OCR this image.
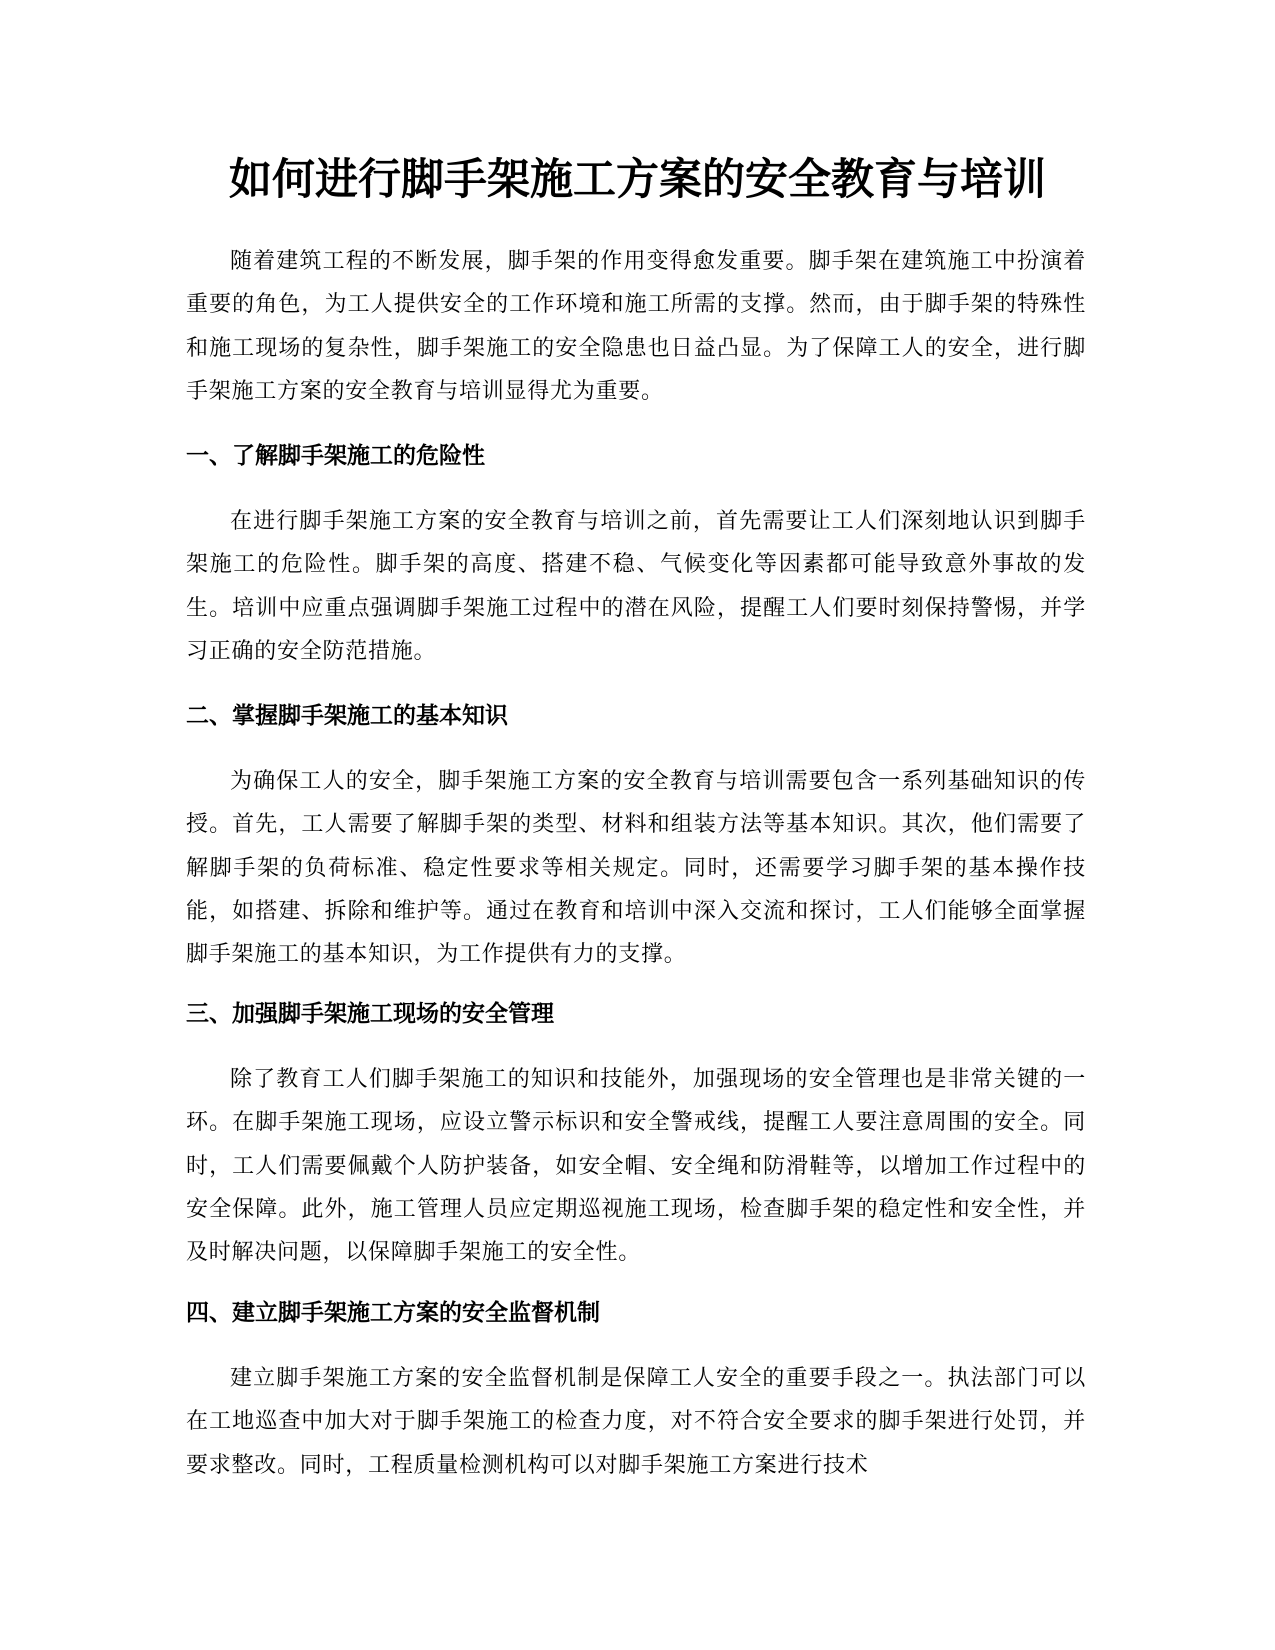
如何进行脚手架施工方案的安全教育与培训

随着建筑工程的不断发展，脚手架的作用变得愈发重要。脚手架在建筑施工中扮演着重要的角色，为工人提供安全的工作环境和施工所需的支撑。然而，由于脚手架的特殊性和施工现场的复杂性，脚手架施工的安全隐患也日益凸显。为了保障工人的安全，进行脚手架施工方案的安全教育与培训显得尤为重要。

一、了解脚手架施工的危险性

在进行脚手架施工方案的安全教育与培训之前，首先需要让工人们深刻地认识到脚手架施工的危险性。脚手架的高度、搭建不稳、气候变化等因素都可能导致意外事故的发生。培训中应重点强调脚手架施工过程中的潜在风险，提醒工人们要时刻保持警惕，并学习正确的安全防范措施。

二、掌握脚手架施工的基本知识

为确保工人的安全，脚手架施工方案的安全教育与培训需要包含一系列基础知识的传授。首先，工人需要了解脚手架的类型、材料和组装方法等基本知识。其次，他们需要了解脚手架的负荷标准、稳定性要求等相关规定。同时，还需要学习脚手架的基本操作技能，如搭建、拆除和维护等。通过在教育和培训中深入交流和探讨，工人们能够全面掌握脚手架施工的基本知识，为工作提供有力的支撑。

三、加强脚手架施工现场的安全管理

除了教育工人们脚手架施工的知识和技能外，加强现场的安全管理也是非常关键的一环。在脚手架施工现场，应设立警示标识和安全警戒线，提醒工人要注意周围的安全。同时，工人们需要佩戴个人防护装备，如安全帽、安全绳和防滑鞋等，以增加工作过程中的安全保障。此外，施工管理人员应定期巡视施工现场，检查脚手架的稳定性和安全性，并及时解决问题，以保障脚手架施工的安全性。

四、建立脚手架施工方案的安全监督机制

建立脚手架施工方案的安全监督机制是保障工人安全的重要手段之一。执法部门可以在工地巡查中加大对于脚手架施工的检查力度，对不符合安全要求的脚手架进行处罚，并要求整改。同时，工程质量检测机构可以对脚手架施工方案进行技术
